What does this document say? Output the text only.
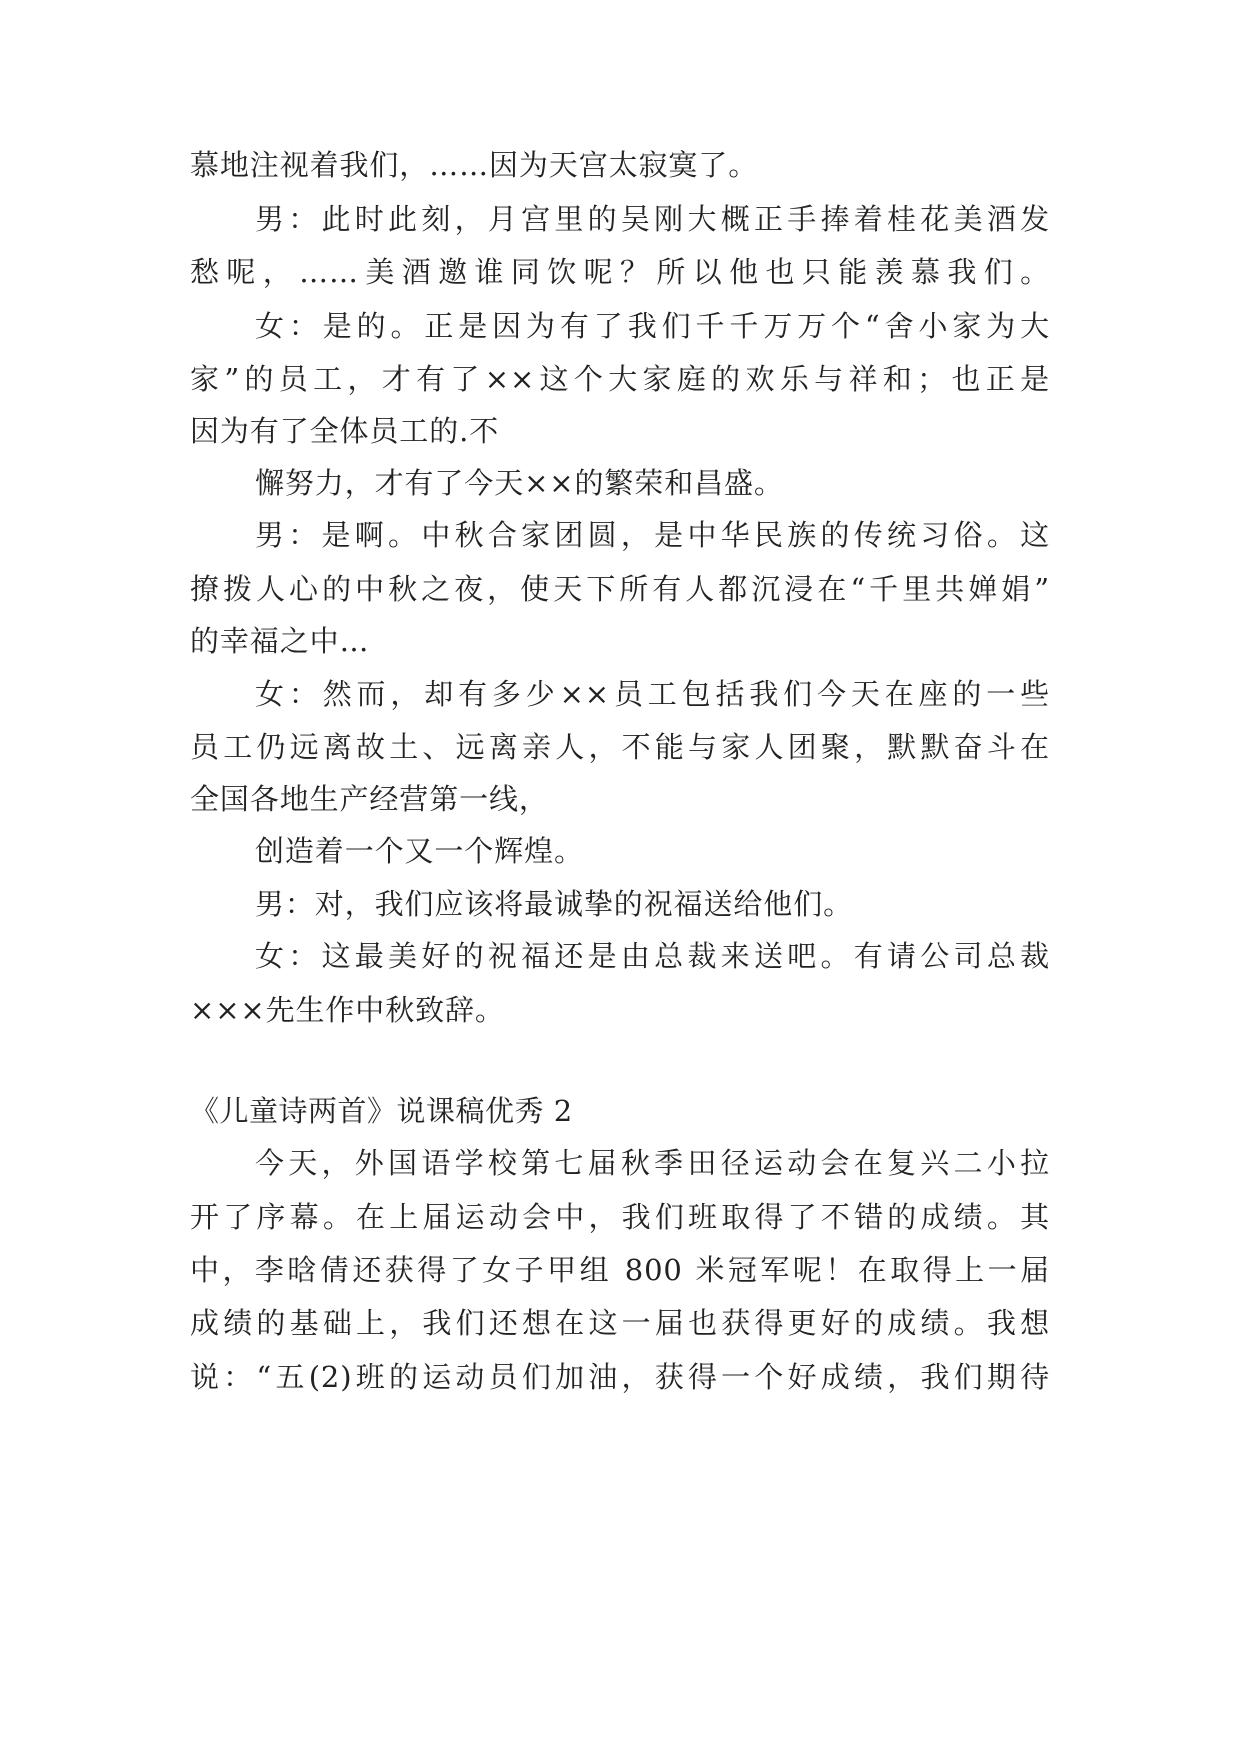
慕地注视着我们，……因为天宫太寂寞了。
男：此时此刻，月宫里的吴刚大概正手捧着桂花美酒发
愁呢，……美酒邀谁同饮呢？所以他也只能羡慕我们。
女：是的。正是因为有了我们千千万万个“舍小家为大
家”的员工，才有了××这个大家庭的欢乐与祥和；也正是
因为有了全体员工的.不
懈努力，才有了今天××的繁荣和昌盛。
男：是啊。中秋合家团圆，是中华民族的传统习俗。这
撩拨人心的中秋之夜，使天下所有人都沉浸在“千里共婵娟”
的幸福之中…
女：然而，却有多少××员工包括我们今天在座的一些
员工仍远离故土、远离亲人，不能与家人团聚，默默奋斗在
全国各地生产经营第一线，
创造着一个又一个辉煌。
男：对，我们应该将最诚挚的祝福送给他们。
女：这最美好的祝福还是由总裁来送吧。有请公司总裁
×××先生作中秋致辞。
《儿童诗两首》说课稿优秀 2
今天，外国语学校第七届秋季田径运动会在复兴二小拉
开了序幕。在上届运动会中，我们班取得了不错的成绩。其
中，李晗倩还获得了女子甲组 800 米冠军呢！在取得上一届
成绩的基础上，我们还想在这一届也获得更好的成绩。我想
说：“五(2)班的运动员们加油，获得一个好成绩，我们期待
